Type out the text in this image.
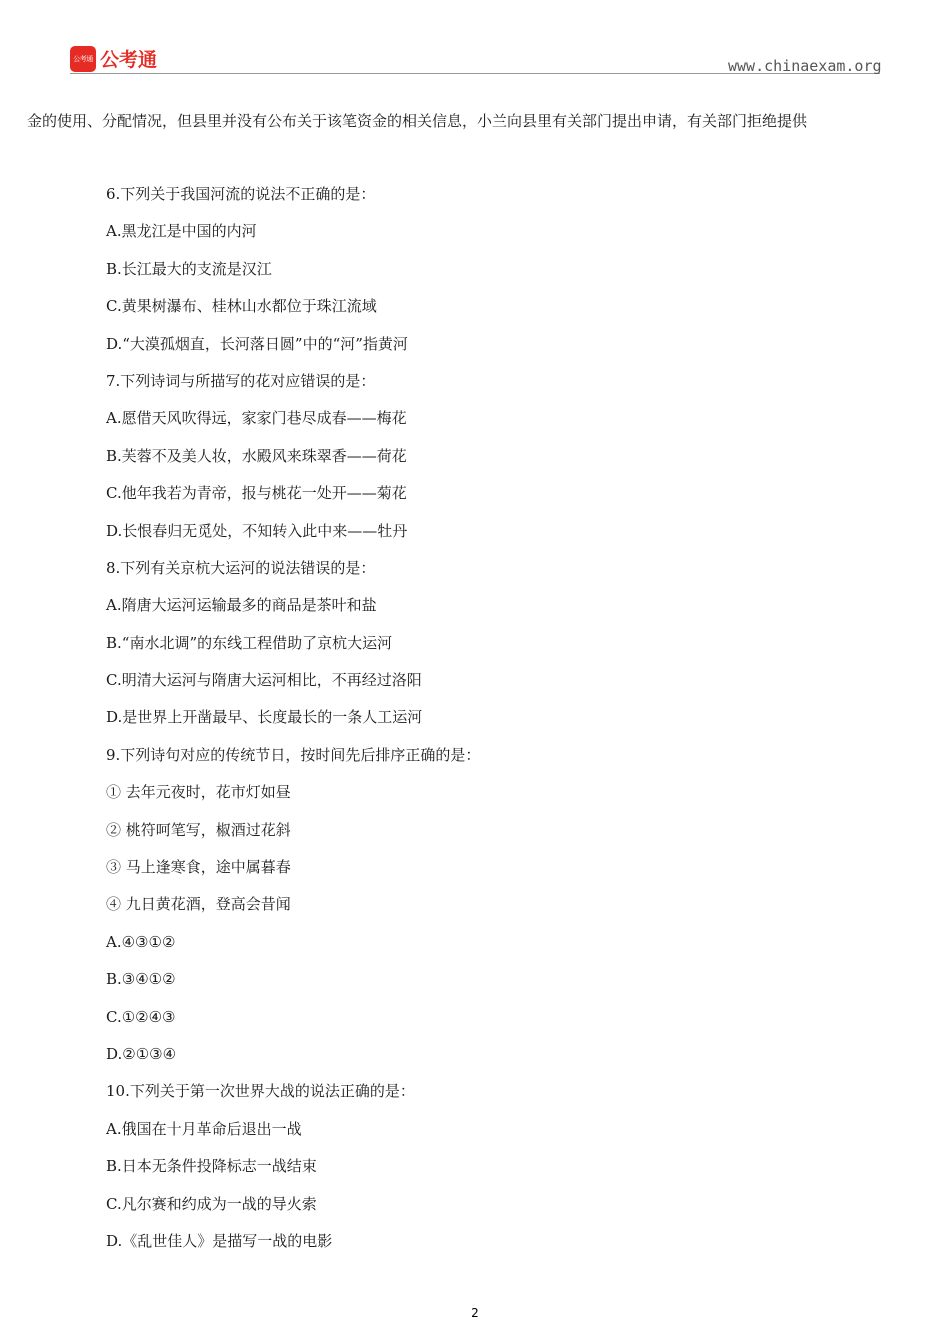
公考通 公考通	www.chinaexam.org

金的使用、分配情况，但县里并没有公布关于该笔资金的相关信息，小兰向县里有关部门提出申请，有关部门拒绝提供

6.下列关于我国河流的说法不正确的是：
A.黑龙江是中国的内河
B.长江最大的支流是汉江
C.黄果树瀑布、桂林山水都位于珠江流域
D.“大漠孤烟直，长河落日圆”中的“河”指黄河
7.下列诗词与所描写的花对应错误的是：
A.愿借天风吹得远，家家门巷尽成春——梅花
B.芙蓉不及美人妆，水殿风来珠翠香——荷花
C.他年我若为青帝，报与桃花一处开——菊花
D.长恨春归无觅处，不知转入此中来——牡丹
8.下列有关京杭大运河的说法错误的是：
A.隋唐大运河运输最多的商品是茶叶和盐
B.“南水北调”的东线工程借助了京杭大运河
C.明清大运河与隋唐大运河相比，不再经过洛阳
D.是世界上开凿最早、长度最长的一条人工运河
9.下列诗句对应的传统节日，按时间先后排序正确的是：
① 去年元夜时，花市灯如昼
② 桃符呵笔写，椒酒过花斜
③ 马上逢寒食，途中属暮春
④ 九日黄花酒，登高会昔闻
A.④③①②
B.③④①②
C.①②④③
D.②①③④
10.下列关于第一次世界大战的说法正确的是：
A.俄国在十月革命后退出一战
B.日本无条件投降标志一战结束
C.凡尔赛和约成为一战的导火索
D.《乱世佳人》是描写一战的电影
2
